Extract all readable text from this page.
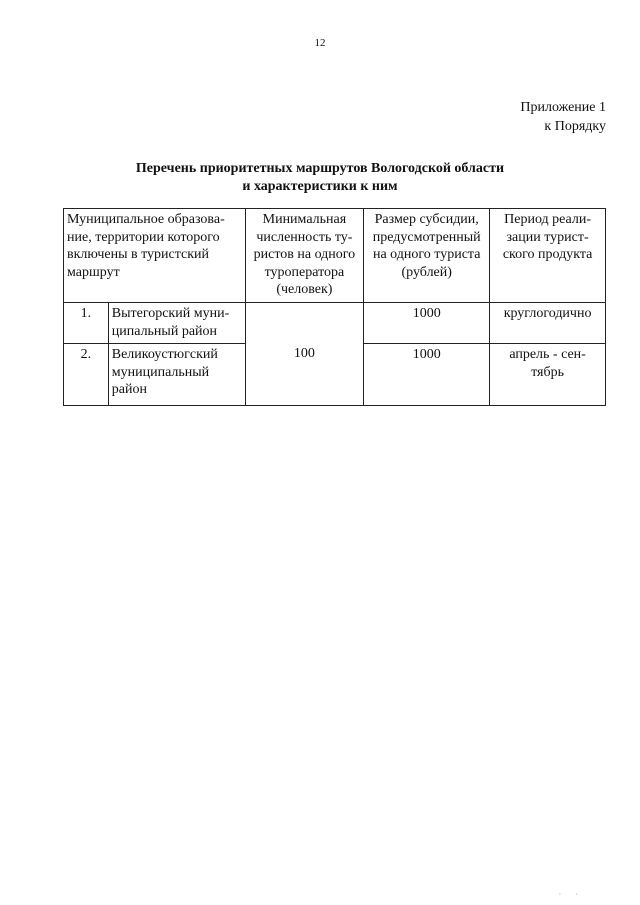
12
Приложение 1
к Порядку
Перечень приоритетных маршрутов Вологодской области
и характеристики к ним
Муниципальное образова-ние, территории которого включены в туристский маршрут		Минимальная численность ту-ристов на одного туроператора (человек)	Размер субсидии, предусмотренный на одного туриста (рублей)	Период реали-зации турист-ского продукта
1.	Вытегорский муни-ципальный район	100	1000	круглогодично
2.	Великоустюгский муниципальный район		1000	апрель - сен-тябрь
· ·
